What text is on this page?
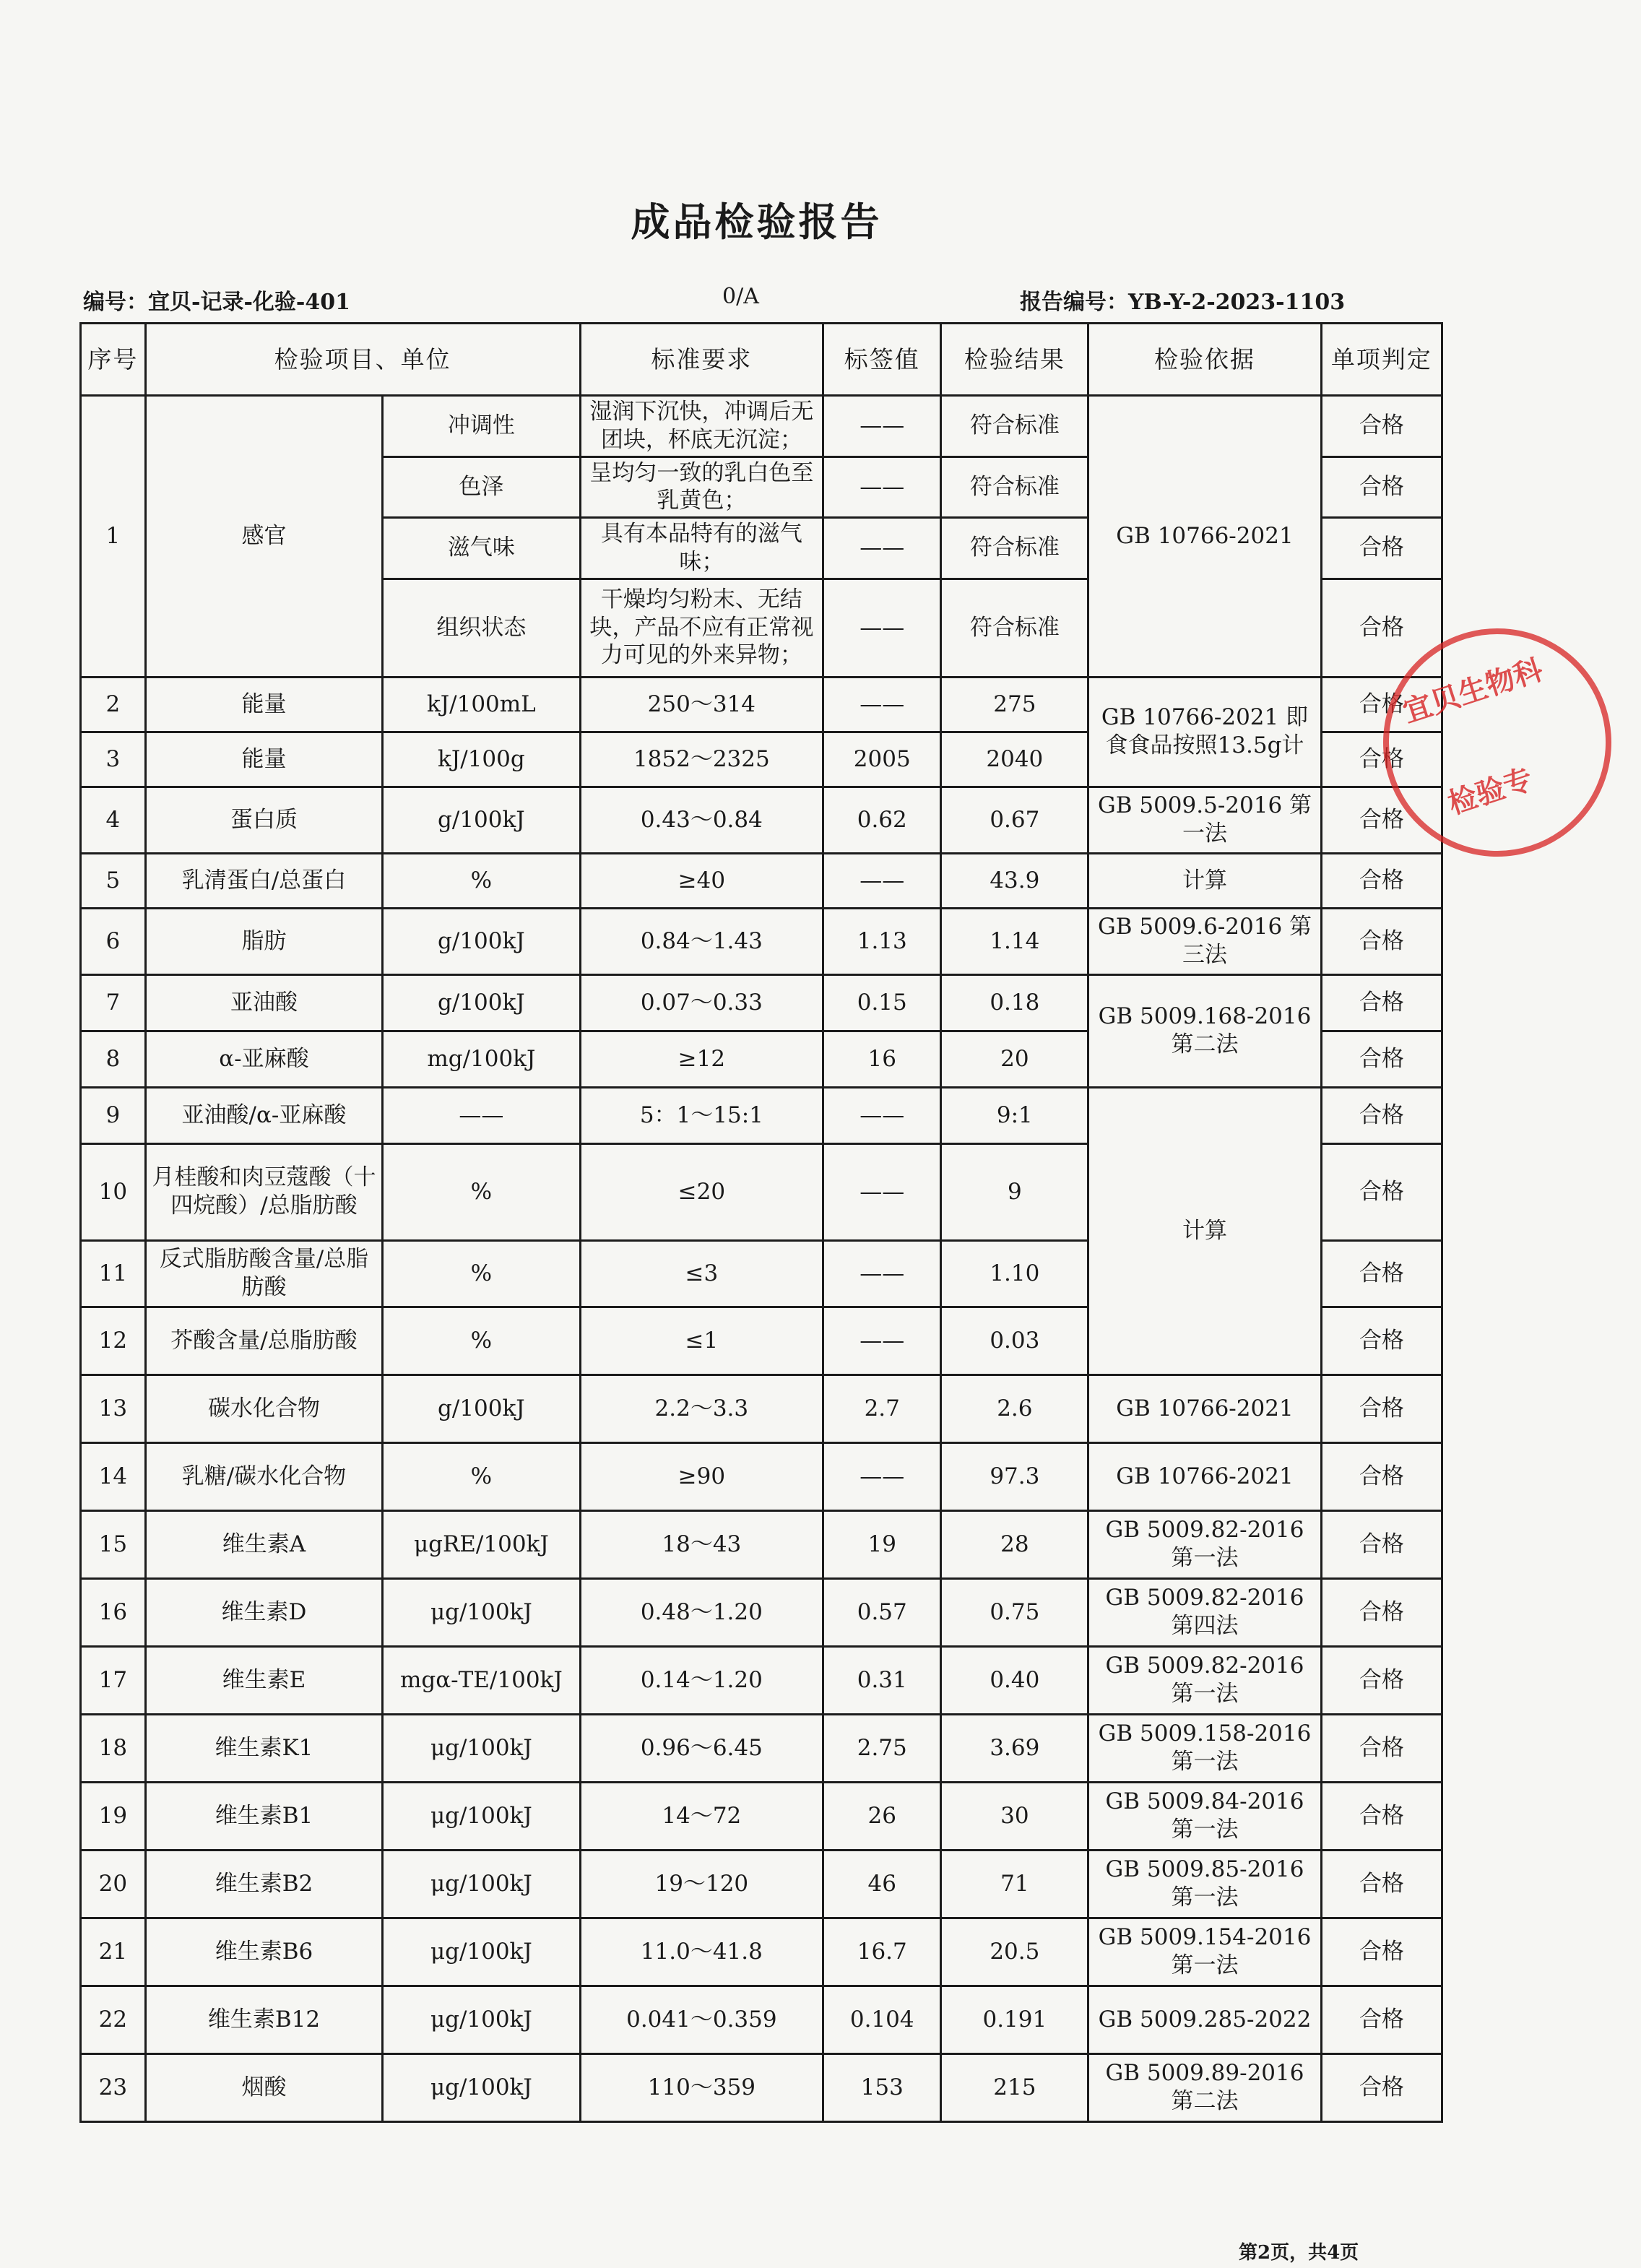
成品检验报告
编号：宜贝-记录-化验-401	0/A	报告编号：YB-Y-2-2023-1103
序号	检验项目、单位		标准要求	标签值	检验结果	检验依据	单项判定
1	感官	冲调性	湿润下沉快，冲调后无团块，杯底无沉淀；	——	符合标准	GB 10766-2021	合格
		色泽	呈均匀一致的乳白色至乳黄色；	——	符合标准		合格
		滋气味	具有本品特有的滋气味；	——	符合标准		合格
		组织状态	干燥均匀粉末、无结块，产品不应有正常视力可见的外来异物；	——	符合标准		合格
2	能量	kJ/100mL	250～314	——	275	GB 10766-2021 即食食品按照13.5g计	合格
3	能量	kJ/100g	1852～2325	2005	2040		合格
4	蛋白质	g/100kJ	0.43～0.84	0.62	0.67	GB 5009.5-2016 第一法	合格
5	乳清蛋白/总蛋白	%	≥40	——	43.9	计算	合格
6	脂肪	g/100kJ	0.84～1.43	1.13	1.14	GB 5009.6-2016 第三法	合格
7	亚油酸	g/100kJ	0.07～0.33	0.15	0.18	GB 5009.168-2016 第二法	合格
8	α-亚麻酸	mg/100kJ	≥12	16	20		合格
9	亚油酸/α-亚麻酸	——	5：1～15:1	——	9:1	计算	合格
10	月桂酸和肉豆蔻酸（十四烷酸）/总脂肪酸	%	≤20	——	9		合格
11	反式脂肪酸含量/总脂肪酸	%	≤3	——	1.10		合格
12	芥酸含量/总脂肪酸	%	≤1	——	0.03		合格
13	碳水化合物	g/100kJ	2.2～3.3	2.7	2.6	GB 10766-2021	合格
14	乳糖/碳水化合物	%	≥90	——	97.3	GB 10766-2021	合格
15	维生素A	μgRE/100kJ	18～43	19	28	GB 5009.82-2016 第一法	合格
16	维生素D	μg/100kJ	0.48～1.20	0.57	0.75	GB 5009.82-2016 第四法	合格
17	维生素E	mgα-TE/100kJ	0.14～1.20	0.31	0.40	GB 5009.82-2016 第一法	合格
18	维生素K1	μg/100kJ	0.96～6.45	2.75	3.69	GB 5009.158-2016 第一法	合格
19	维生素B1	μg/100kJ	14～72	26	30	GB 5009.84-2016 第一法	合格
20	维生素B2	μg/100kJ	19～120	46	71	GB 5009.85-2016 第一法	合格
21	维生素B6	μg/100kJ	11.0～41.8	16.7	20.5	GB 5009.154-2016 第一法	合格
22	维生素B12	μg/100kJ	0.041～0.359	0.104	0.191	GB 5009.285-2022	合格
23	烟酸	μg/100kJ	110～359	153	215	GB 5009.89-2016 第二法	合格
宜贝生物科
检验专
第2页，共4页
